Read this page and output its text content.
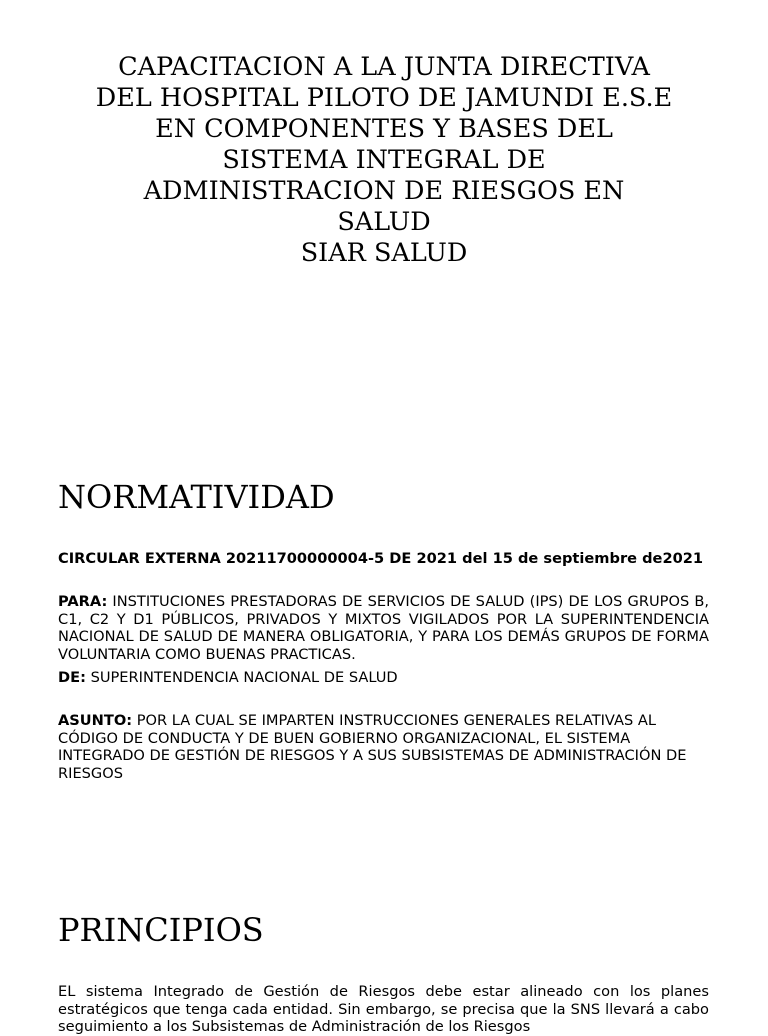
CAPACITACION A LA JUNTA DIRECTIVA
DEL HOSPITAL PILOTO DE JAMUNDI E.S.E
EN COMPONENTES Y BASES DEL
SISTEMA INTEGRAL DE
ADMINISTRACION DE RIESGOS EN
SALUD
SIAR SALUD
NORMATIVIDAD
CIRCULAR EXTERNA 20211700000004-5 DE 2021 del 15 de septiembre de2021
PARA: INSTITUCIONES PRESTADORAS DE SERVICIOS DE SALUD (IPS) DE LOS GRUPOS B, C1, C2 Y D1 PÚBLICOS, PRIVADOS Y MIXTOS VIGILADOS POR LA SUPERINTENDENCIA NACIONAL DE SALUD DE MANERA OBLIGATORIA, Y PARA LOS DEMÁS GRUPOS DE FORMA VOLUNTARIA COMO BUENAS PRACTICAS.
DE: SUPERINTENDENCIA NACIONAL DE SALUD
ASUNTO: POR LA CUAL SE IMPARTEN INSTRUCCIONES GENERALES RELATIVAS AL CÓDIGO DE CONDUCTA Y DE BUEN GOBIERNO ORGANIZACIONAL, EL SISTEMA INTEGRADO DE GESTIÓN DE RIESGOS Y A SUS SUBSISTEMAS DE ADMINISTRACIÓN DE RIESGOS
PRINCIPIOS
EL sistema Integrado de Gestión de Riesgos debe estar alineado con los planes estratégicos que tenga cada entidad. Sin embargo, se precisa que la SNS llevará a cabo seguimiento a los Subsistemas de Administración de los Riesgos
